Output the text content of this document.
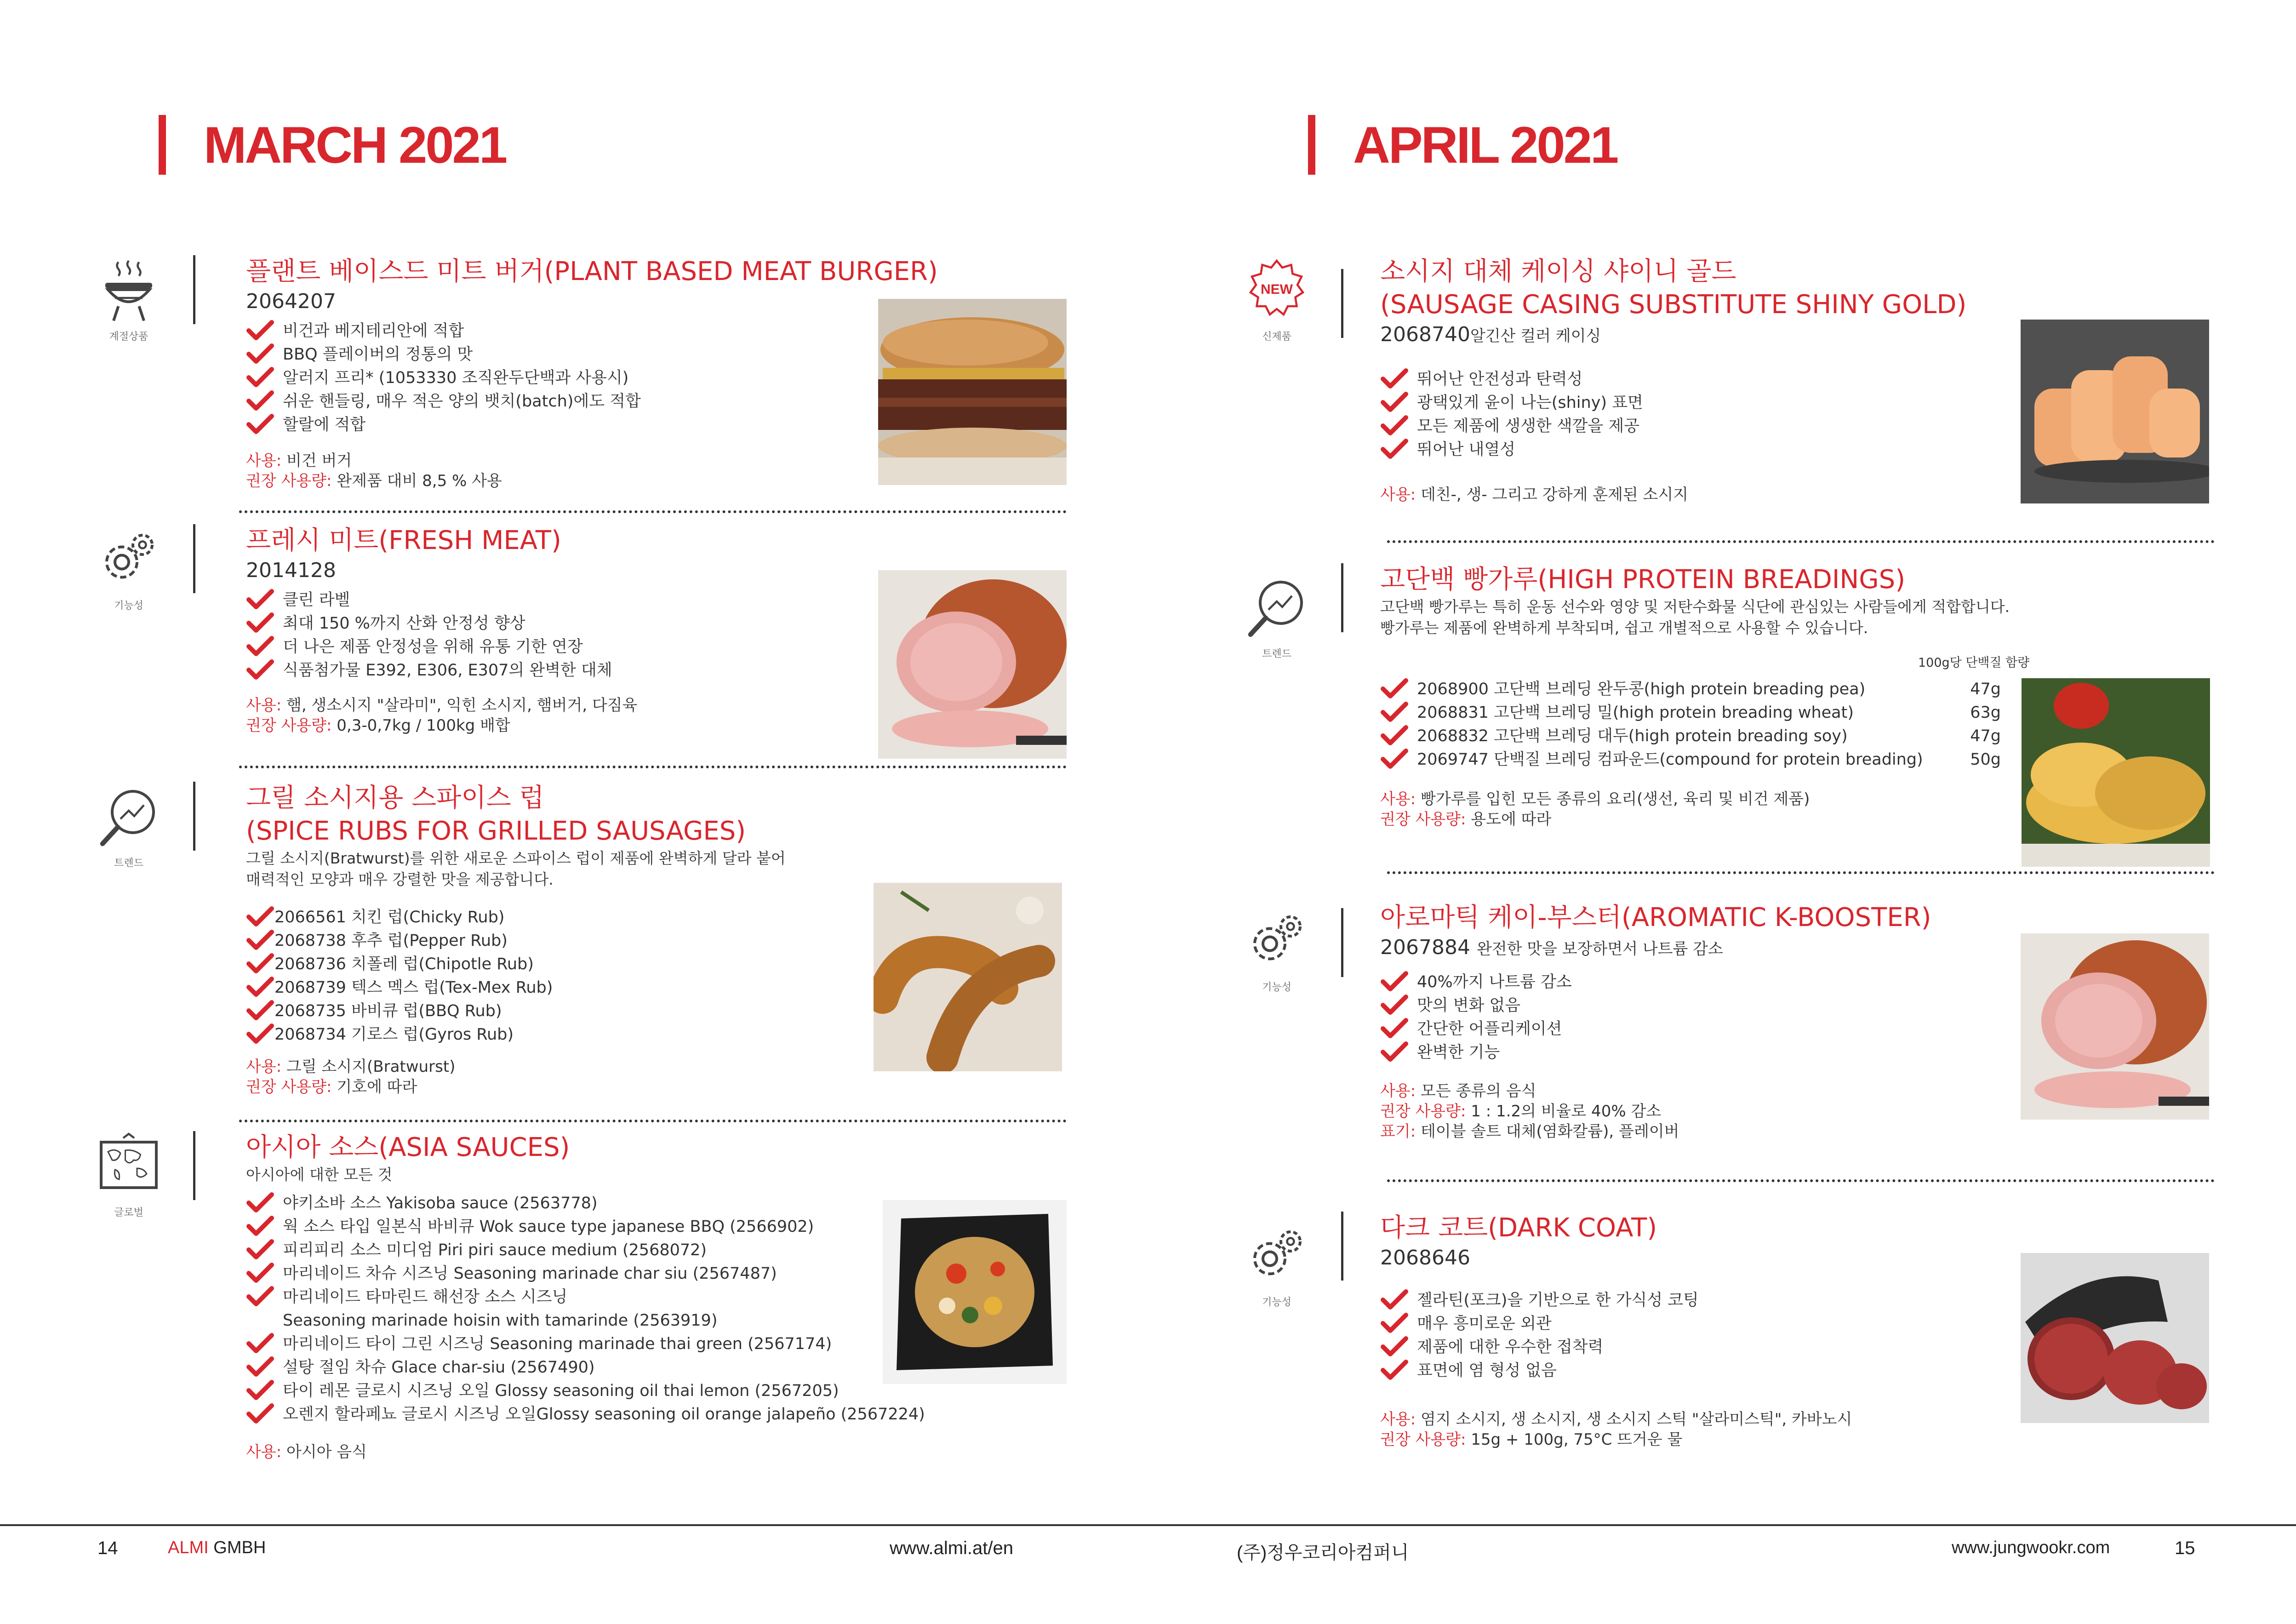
MARCH 2021
계절상품

플랜트 베이스드 미트 버거(PLANT BASED MEAT BURGER)

2064207
비건과 베지테리안에 적합
BBQ 플레이버의 정통의 맛
알러지 프리* (1053330 조직완두단백과 사용시)
쉬운 핸들링, 매우 적은 양의 뱃치(batch)에도 적합
할랄에 적합
사용: 비건 버거
권장 사용량: 완제품 대비 8,5 % 사용
기능성

프레시 미트(FRESH MEAT)

2014128
클린 라벨
최대 150 %까지 산화 안정성 향상
더 나은 제품 안정성을 위해 유통 기한 연장
식품첨가물 E392, E306, E307의 완벽한 대체
사용: 햄, 생소시지 "살라미", 익힌 소시지, 햄버거, 다짐육
권장 사용량: 0,3-0,7kg / 100kg 배합
트렌드

그릴 소시지용 스파이스 럽

(SPICE RUBS FOR GRILLED SAUSAGES)

그릴 소시지(Bratwurst)를 위한 새로운 스파이스 럽이 제품에 완벽하게 달라 붙어
매력적인 모양과 매우 강렬한 맛을 제공합니다.
2066561 치킨 럽(Chicky Rub)
2068738 후추 럽(Pepper Rub)
2068736 치폴레 럽(Chipotle Rub)
2068739 텍스 멕스 럽(Tex-Mex Rub)
2068735 바비큐 럽(BBQ Rub)
2068734 기로스 럽(Gyros Rub)
사용: 그릴 소시지(Bratwurst)
권장 사용량: 기호에 따라
글로벌

아시아 소스(ASIA SAUCES)

아시아에 대한 모든 것
야키소바 소스 Yakisoba sauce (2563778)
웍 소스 타입 일본식 바비큐 Wok sauce type japanese BBQ (2566902)
피리피리 소스 미디엄 Piri piri sauce medium (2568072)
마리네이드 차슈 시즈닝 Seasoning marinade char siu (2567487)
마리네이드 타마린드 해선장 소스 시즈닝
Seasoning marinade hoisin with tamarinde (2563919)
마리네이드 타이 그린 시즈닝 Seasoning marinade thai green (2567174)
설탕 절임 차슈 Glace char-siu (2567490)
타이 레몬 글로시 시즈닝 오일 Glossy seasoning oil thai lemon (2567205)
오렌지 할라페뇨 글로시 시즈닝 오일Glossy seasoning oil orange jalapeño (2567224)
사용: 아시아 음식
APRIL 2021
NEW
신제품

소시지 대체 케이싱 샤이니 골드

(SAUSAGE CASING SUBSTITUTE SHINY GOLD)

2068740알긴산 컬러 케이싱
뛰어난 안전성과 탄력성
광택있게 윤이 나는(shiny) 표면
모든 제품에 생생한 색깔을 제공
뛰어난 내열성
사용: 데친-, 생- 그리고 강하게 훈제된 소시지
트렌드

고단백 빵가루(HIGH PROTEIN BREADINGS)

고단백 빵가루는 특히 운동 선수와 영양 및 저탄수화물 식단에 관심있는 사람들에게 적합합니다.
빵가루는 제품에 완벽하게 부착되며, 쉽고 개별적으로 사용할 수 있습니다.
100g당 단백질 함량
2068900 고단백 브레딩 완두콩(high protein breading pea)	47g
2068831 고단백 브레딩 밀(high protein breading wheat)	63g
2068832 고단백 브레딩 대두(high protein breading soy)	47g
2069747 단백질 브레딩 컴파운드(compound for protein breading)	50g
사용: 빵가루를 입힌 모든 종류의 요리(생선, 육리 및 비건 제품)
권장 사용량: 용도에 따라
기능성

아로마틱 케이-부스터(AROMATIC K-BOOSTER)

2067884 완전한 맛을 보장하면서 나트륨 감소
40%까지 나트륨 감소
맛의 변화 없음
간단한 어플리케이션
완벽한 기능
사용: 모든 종류의 음식
권장 사용량: 1 : 1.2의 비율로 40% 감소
표기: 테이블 솔트 대체(염화칼륨), 플레이버
기능성

다크 코트(DARK COAT)

2068646
젤라틴(포크)을 기반으로 한 가식성 코팅
매우 흥미로운 외관
제품에 대한 우수한 접착력
표면에 염 형성 없음
사용: 염지 소시지, 생 소시지, 생 소시지 스틱 "살라미스틱", 카바노시
권장 사용량: 15g + 100g, 75°C 뜨거운 물
14	ALMI GMBH	www.almi.at/en	(주)정우코리아컴퍼니	www.jungwookr.com	15
